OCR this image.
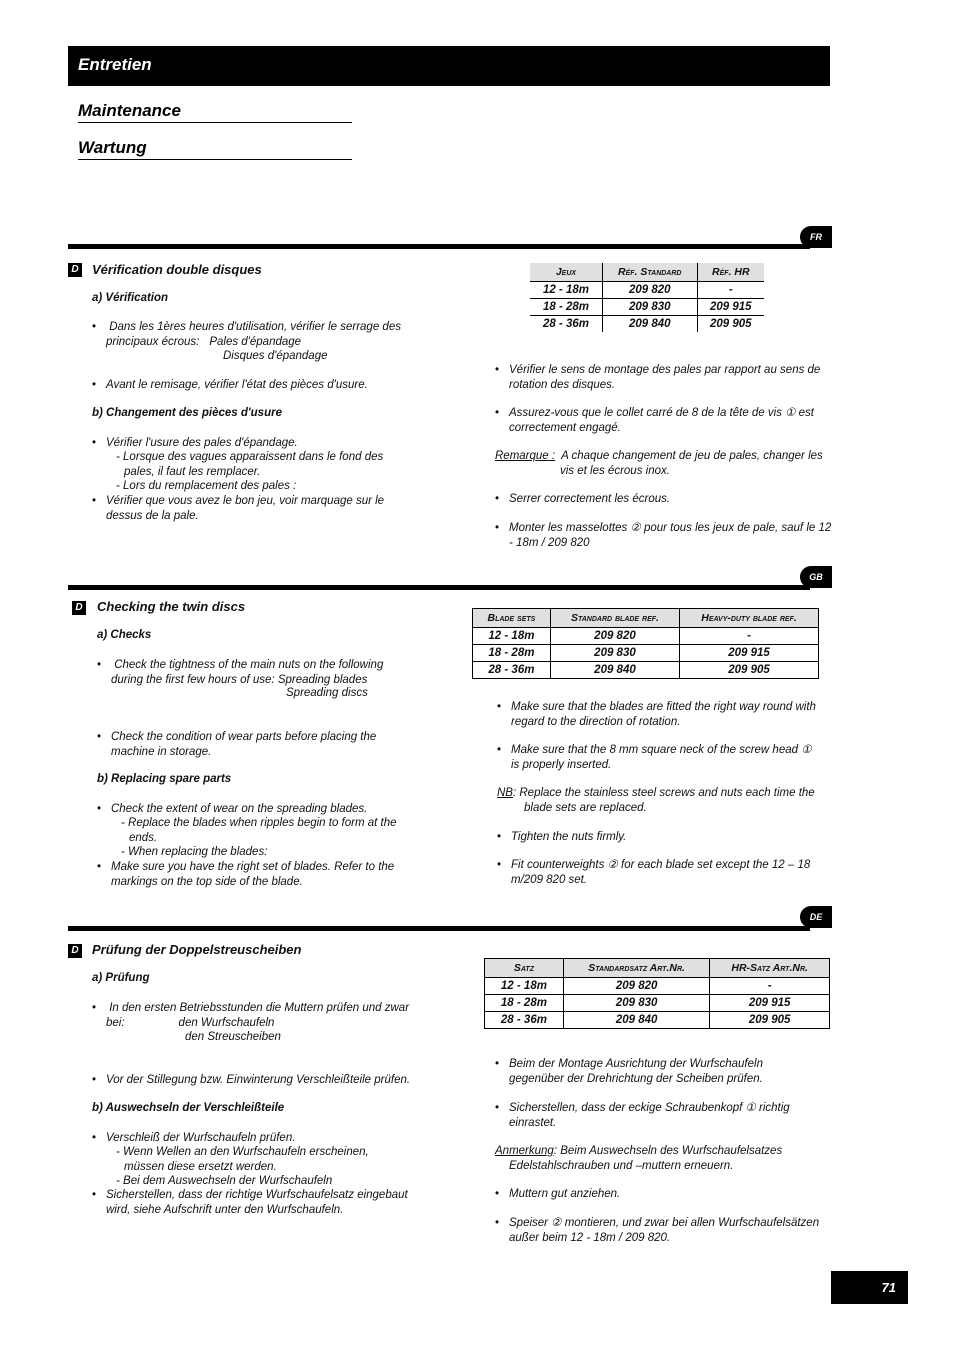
Entretien
Maintenance
Wartung
FR
D Vérification double disques
a) Vérification
• Dans les 1ères heures d'utilisation, vérifier le serrage des
principaux écrous: Pales d'épandage
Disques d'épandage
• Avant le remisage, vérifier l'état des pièces d'usure.
b) Changement des pièces d'usure
• Vérifier l'usure des pales d'épandage.
- Lorsque des vagues apparaissent dans le fond des pales, il faut les remplacer.
- Lors du remplacement des pales :
• Vérifier que vous avez le bon jeu, voir marquage sur le dessus de la pale.
Jeux	Réf. Standard	Réf. HR
12 - 18m	209 820	-
18 - 28m	209 830	209 915
28 - 36m	209 840	209 905
• Vérifier le sens de montage des pales par rapport au sens de rotation des disques.
• Assurez-vous que le collet carré de 8 de la tête de vis ① est correctement engagé.
Remarque : A chaque changement de jeu de pales, changer les vis et les écrous inox.
• Serrer correctement les écrous.
• Monter les masselottes ② pour tous les jeux de pale, sauf le 12 - 18m / 209 820
GB
D Checking the twin discs
a) Checks
• Check the tightness of the main nuts on the following
during the first few hours of use: Spreading blades
Spreading discs
• Check the condition of wear parts before placing the machine in storage.
b) Replacing spare parts
• Check the extent of wear on the spreading blades.
- Replace the blades when ripples begin to form at the ends.
- When replacing the blades:
• Make sure you have the right set of blades. Refer to the markings on the top side of the blade.
Blade sets	Standard blade ref.	Heavy-duty blade ref.
12 - 18m	209 820	-
18 - 28m	209 830	209 915
28 - 36m	209 840	209 905
• Make sure that the blades are fitted the right way round with regard to the direction of rotation.
• Make sure that the 8 mm square neck of the screw head ① is properly inserted.
NB: Replace the stainless steel screws and nuts each time the blade sets are replaced.
• Tighten the nuts firmly.
• Fit counterweights ② for each blade set except the 12 – 18 m/209 820 set.
DE
D Prüfung der Doppelstreuscheiben
a) Prüfung
• In den ersten Betriebsstunden die Muttern prüfen und zwar
bei:	den Wurfschaufeln
den Streuscheiben
• Vor der Stillegung bzw. Einwinterung Verschleißteile prüfen.
b) Auswechseln der Verschleißteile
• Verschleiß der Wurfschaufeln prüfen.
- Wenn Wellen an den Wurfschaufeln erscheinen, müssen diese ersetzt werden.
- Bei dem Auswechseln der Wurfschaufeln
• Sicherstellen, dass der richtige Wurfschaufelsatz eingebaut wird, siehe Aufschrift unter den Wurfschaufeln.
Satz	Standardsatz Art.Nr.	HR-Satz Art.Nr.
12 - 18m	209 820	-
18 - 28m	209 830	209 915
28 - 36m	209 840	209 905
• Beim der Montage Ausrichtung der Wurfschaufeln gegenüber der Drehrichtung der Scheiben prüfen.
• Sicherstellen, dass der eckige Schraubenkopf ① richtig einrastet.
Anmerkung: Beim Auswechseln des Wurfschaufelsatzes Edelstahlschrauben und –muttern erneuern.
• Muttern gut anziehen.
• Speiser ② montieren, und zwar bei allen Wurfschaufelsätzen außer beim 12 - 18m / 209 820.
71
